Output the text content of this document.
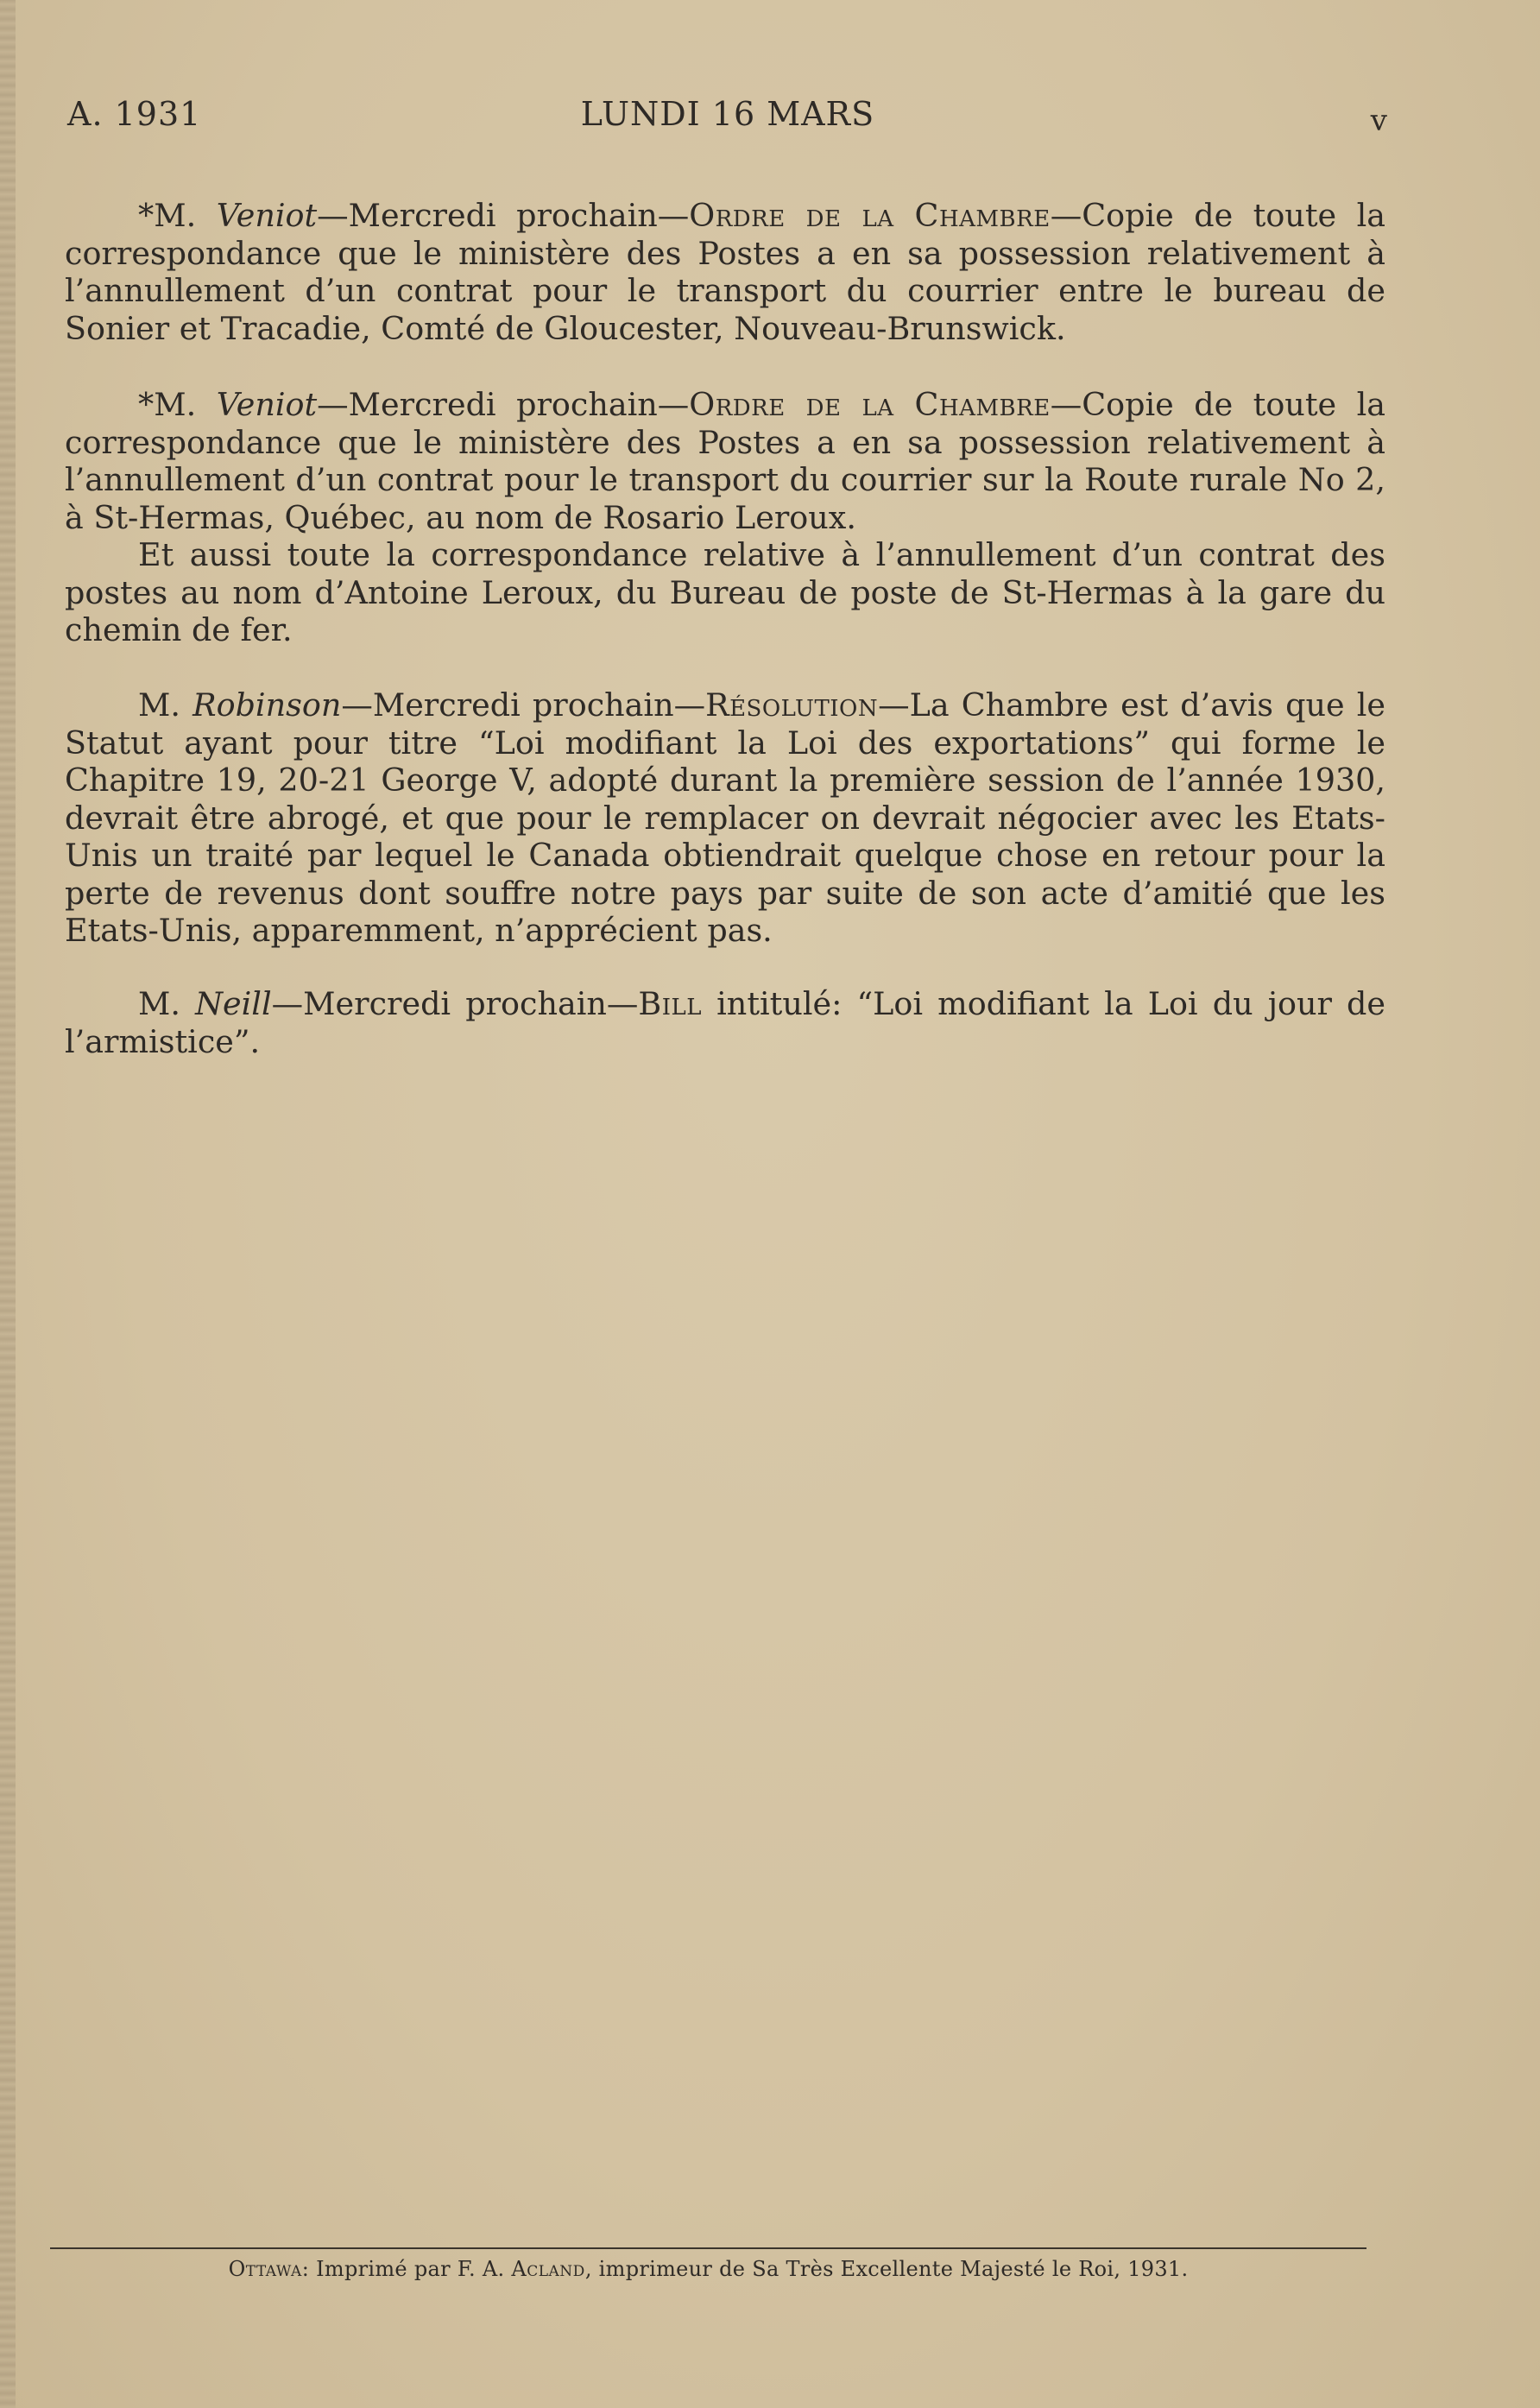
A. 1931	LUNDI 16 MARS	v

*M. Veniot—Mercredi prochain—Ordre de la Chambre—Copie de toute la correspondance que le ministère des Postes a en sa possession relativement à l’annullement d’un contrat pour le transport du courrier entre le bureau de Sonier et Tracadie, Comté de Gloucester, Nouveau-Brunswick.

*M. Veniot—Mercredi prochain—Ordre de la Chambre—Copie de toute la correspondance que le ministère des Postes a en sa possession relativement à l’annullement d’un contrat pour le transport du courrier sur la Route rurale No 2, à St-Hermas, Québec, au nom de Rosario Leroux.

Et aussi toute la correspondance relative à l’annullement d’un contrat des postes au nom d’Antoine Leroux, du Bureau de poste de St-Hermas à la gare du chemin de fer.

M. Robinson—Mercredi prochain—Résolution—La Chambre est d’avis que le Statut ayant pour titre “Loi modifiant la Loi des exportations” qui forme le Chapitre 19, 20-21 George V, adopté durant la première session de l’année 1930, devrait être abrogé, et que pour le remplacer on devrait négocier avec les Etats-Unis un traité par lequel le Canada obtiendrait quelque chose en retour pour la perte de revenus dont souffre notre pays par suite de son acte d’amitié que les Etats-Unis, apparemment, n’apprécient pas.

M. Neill—Mercredi prochain—Bill intitulé: “Loi modifiant la Loi du jour de l’armistice”.

Ottawa: Imprimé par F. A. Acland, imprimeur de Sa Très Excellente Majesté le Roi, 1931.
